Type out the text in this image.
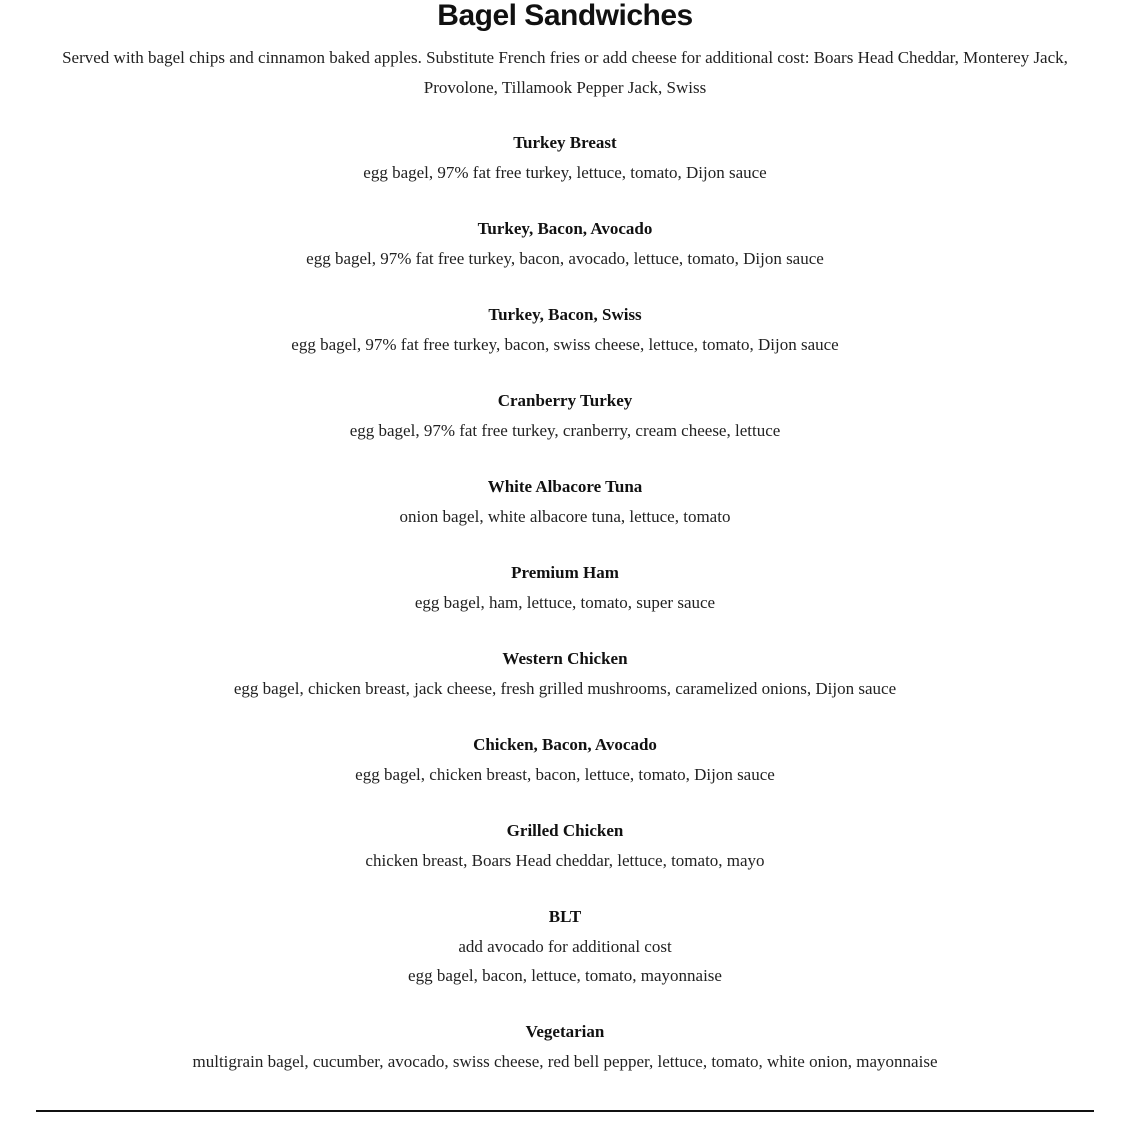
Bagel Sandwiches

Served with bagel chips and cinnamon baked apples. Substitute French fries or add cheese for additional cost: Boars Head Cheddar, Monterey Jack, Provolone, Tillamook Pepper Jack, Swiss

Turkey Breast

egg bagel, 97% fat free turkey, lettuce, tomato, Dijon sauce

Turkey, Bacon, Avocado

egg bagel, 97% fat free turkey, bacon, avocado, lettuce, tomato, Dijon sauce

Turkey, Bacon, Swiss

egg bagel, 97% fat free turkey, bacon, swiss cheese, lettuce, tomato, Dijon sauce

Cranberry Turkey

egg bagel, 97% fat free turkey, cranberry, cream cheese, lettuce

White Albacore Tuna

onion bagel, white albacore tuna, lettuce, tomato

Premium Ham

egg bagel, ham, lettuce, tomato, super sauce

Western Chicken

egg bagel, chicken breast, jack cheese, fresh grilled mushrooms, caramelized onions, Dijon sauce

Chicken, Bacon, Avocado

egg bagel, chicken breast, bacon, lettuce, tomato, Dijon sauce

Grilled Chicken

chicken breast, Boars Head cheddar, lettuce, tomato, mayo

BLT

add avocado for additional cost

egg bagel, bacon, lettuce, tomato, mayonnaise

Vegetarian

multigrain bagel, cucumber, avocado, swiss cheese, red bell pepper, lettuce, tomato, white onion, mayonnaise
